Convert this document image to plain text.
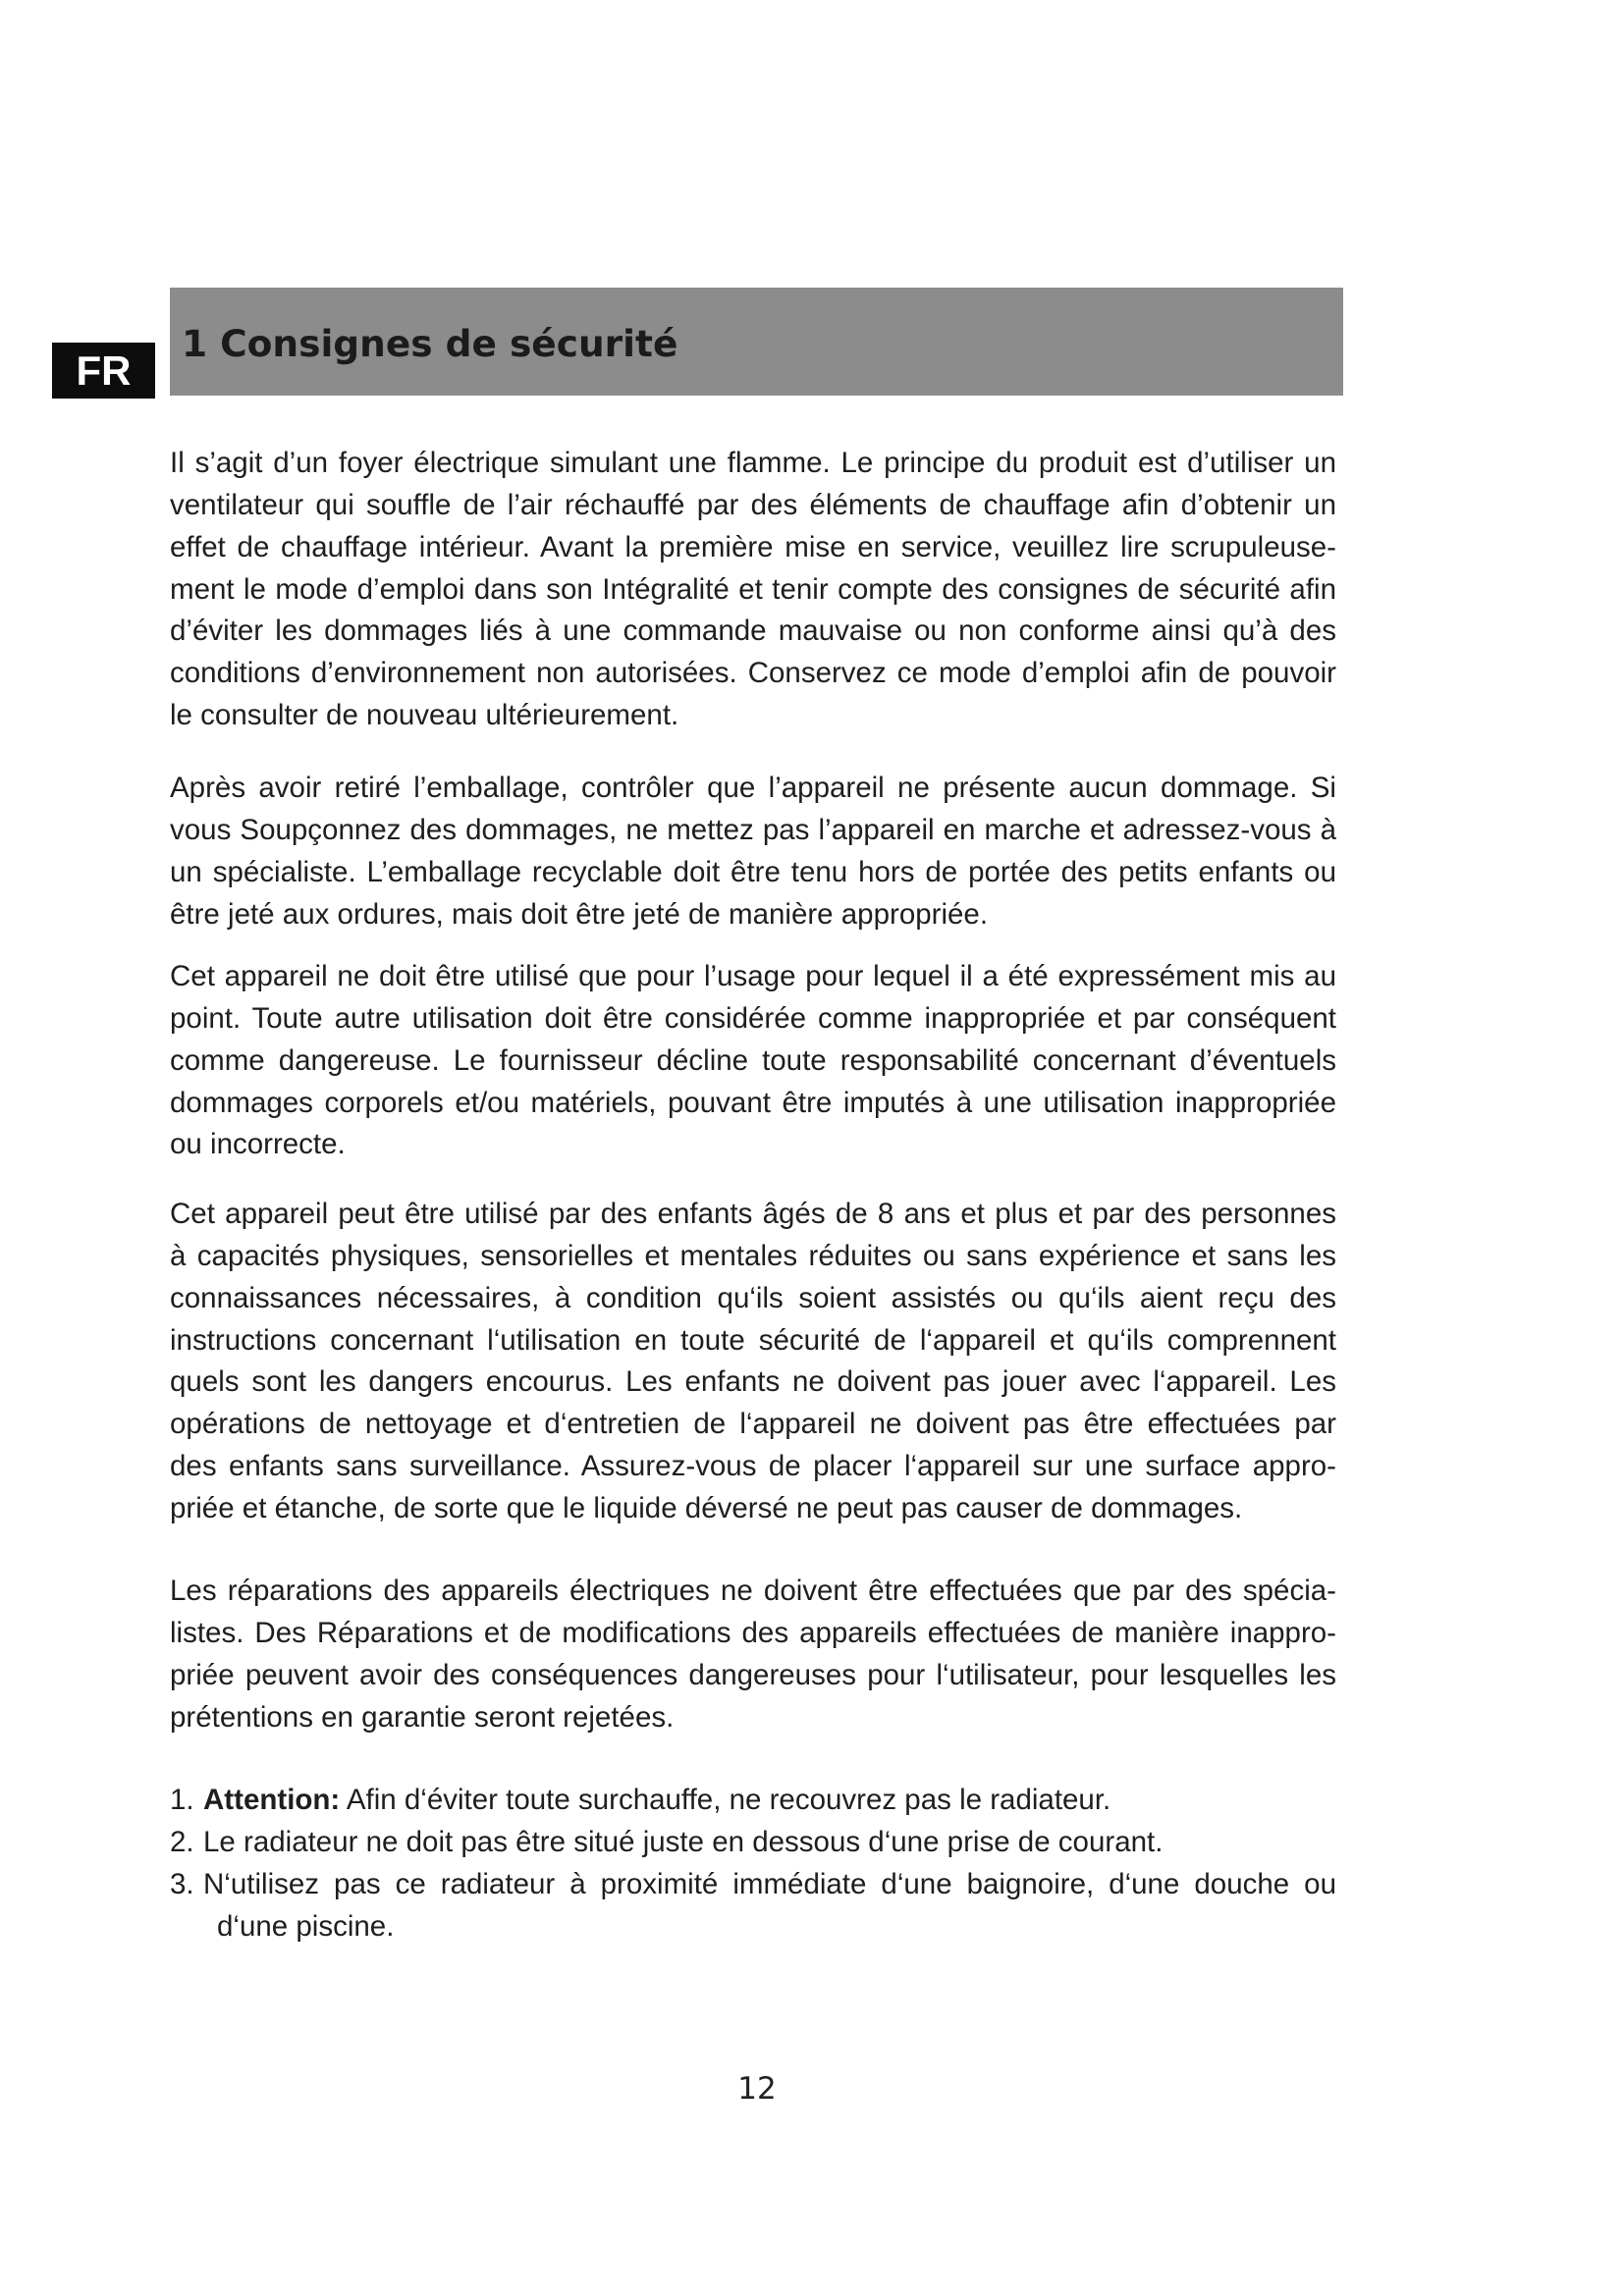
FR
1 Consignes de sécurité
Il s’agit d’un foyer électrique simulant une flamme. Le principe du produit est d’utiliser un
ventilateur qui souffle de l’air réchauffé par des éléments de chauffage afin d’obtenir un
effet de chauffage intérieur. Avant la première mise en service, veuillez lire scrupuleuse-
ment le mode d’emploi dans son Intégralité et tenir compte des consignes de sécurité afin
d’éviter les dommages liés à une commande mauvaise ou non conforme ainsi qu’à des
conditions d’environnement non autorisées. Conservez ce mode d’emploi afin de pouvoir
le consulter de nouveau ultérieurement.
Après avoir retiré l’emballage, contrôler que l’appareil ne présente aucun dommage. Si
vous Soupçonnez des dommages, ne mettez pas l’appareil en marche et adressez-vous à
un spécialiste. L’emballage recyclable doit être tenu hors de portée des petits enfants ou
être jeté aux ordures, mais doit être jeté de manière appropriée.
Cet appareil ne doit être utilisé que pour l’usage pour lequel il a été expressément mis au
point. Toute autre utilisation doit être considérée comme inappropriée et par conséquent
comme dangereuse. Le fournisseur décline toute responsabilité concernant d’éventuels
dommages corporels et/ou matériels, pouvant être imputés à une utilisation inappropriée
ou incorrecte.
Cet appareil peut être utilisé par des enfants âgés de 8 ans et plus et par des personnes
à capacités physiques, sensorielles et mentales réduites ou sans expérience et sans les
connaissances nécessaires, à condition qu‘ils soient assistés ou qu‘ils aient reçu des
instructions concernant l‘utilisation en toute sécurité de l‘appareil et qu‘ils comprennent
quels sont les dangers encourus. Les enfants ne doivent pas jouer avec l‘appareil. Les
opérations de nettoyage et d‘entretien de l‘appareil ne doivent pas être effectuées par
des enfants sans surveillance. Assurez-vous de placer l‘appareil sur une surface appro-
priée et étanche, de sorte que le liquide déversé ne peut pas causer de dommages.
Les réparations des appareils électriques ne doivent être effectuées que par des spécia-
listes. Des Réparations et de modifications des appareils effectuées de manière inappro-
priée peuvent avoir des conséquences dangereuses pour l‘utilisateur, pour lesquelles les
prétentions en garantie seront rejetées.
1. Attention: Afin d‘éviter toute surchauffe, ne recouvrez pas le radiateur.
2. Le radiateur ne doit pas être situé juste en dessous d‘une prise de courant.
3. N‘utilisez pas ce radiateur à proximité immédiate d‘une baignoire, d‘une douche ou
d‘une piscine.
12
